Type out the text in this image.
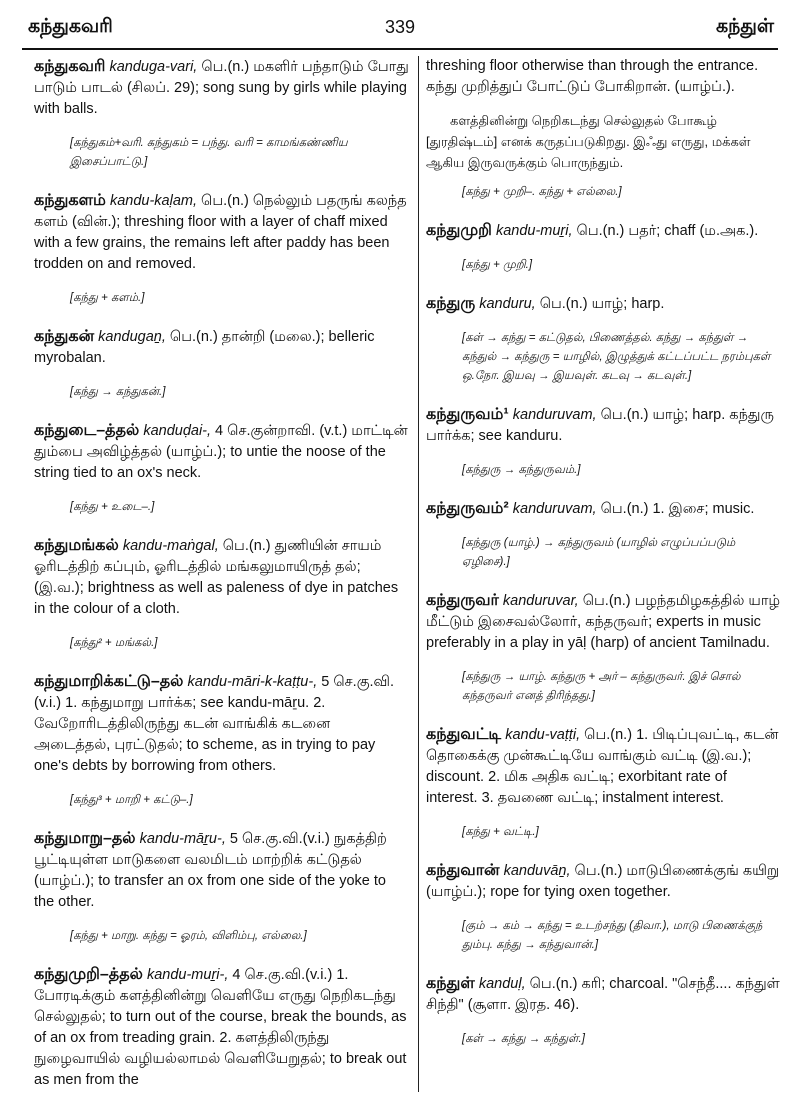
கந்துகவரி	339	கந்துள்
கந்துகவரி kanduga-vari, பெ.(n.) மகளிர் பந்தாடும் போது பாடும் பாடல் (சிலப். 29); song sung by girls while playing with balls.
[கந்துகம்+வரி. கந்துகம் = பந்து. வரி = காமங்கண்ணிய இசைப்பாட்டு.]
கந்துகளம் kandu-kaḷam, பெ.(n.) நெல்லும் பதருங் கலந்த களம் (வின்.); threshing floor with a layer of chaff mixed with a few grains, the remains left after paddy has been trodden on and removed.
[கந்து + களம்.]
கந்துகன் kandugaṉ, பெ.(n.) தான்றி (மலை.); belleric myrobalan.
[கந்து → கந்துகன்.]
கந்துடை–த்தல் kanduḍai-, 4 செ.குன்றாவி. (v.t.) மாட்டின் தும்பை அவிழ்த்தல் (யாழ்ப்.); to untie the noose of the string tied to an ox's neck.
[கந்து + உடை–.]
கந்துமங்கல் kandu-maṅgal, பெ.(n.) துணியின் சாயம் ஓரிடத்திற் கப்பும், ஓரிடத்தில் மங்கலுமாயிருத் தல்; (இ.வ.); brightness as well as paleness of dye in patches in the colour of a cloth.
[கந்து² + மங்கல்.]
கந்துமாறிக்கட்டு–தல் kandu-māri-k-kaṭṭu-, 5 செ.கு.வி.(v.i.) 1. கந்துமாறு பார்க்க; see kandu-māṟu. 2. வேறோரிடத்திலிருந்து கடன் வாங்கிக் கடனை அடைத்தல், புரட்டுதல்; to scheme, as in trying to pay one's debts by borrowing from others.
[கந்து³ + மாறி + கட்டு–.]
கந்துமாறு–தல் kandu-māṟu-, 5 செ.கு.வி.(v.i.) நுகத்திற் பூட்டியுள்ள மாடுகளை வலமிடம் மாற்றிக் கட்டுதல் (யாழ்ப்.); to transfer an ox from one side of the yoke to the other.
[கந்து + மாறு. கந்து = ஓரம், விளிம்பு, எல்லை.]
கந்துமுறி–த்தல் kandu-muṟi-, 4 செ.கு.வி.(v.i.) 1. போரடிக்கும் களத்தினின்று வெளியே எருது நெறிகடந்து செல்லுதல்; to turn out of the course, break the bounds, as of an ox from treading grain. 2. களத்திலிருந்து நுழைவாயில் வழியல்லாமல் வெளியேறுதல்; to break out as men from the
threshing floor otherwise than through the entrance. கந்து முறித்துப் போட்டுப் போகிறான். (யாழ்ப்.).
களத்தினின்று நெறிகடந்து செல்லுதல் போகூழ் [துரதிஷ்டம்] எனக் கருதப்படுகிறது. இஃது எருது, மக்கள் ஆகிய இருவருக்கும் பொருந்தும்.
[கந்து + முறி–. கந்து + எல்லை.]
கந்துமுறி kandu-muṟi, பெ.(n.) பதர்; chaff (ம.அக.).
[கந்து + முறி.]
கந்துரு kanduru, பெ.(n.) யாழ்; harp.
[கள் → கந்து = கட்டுதல், பிணைத்தல். கந்து → கந்துள் → கந்துல் → கந்துரு = யாழில், இழுத்துக் கட்டப்பட்ட நரம்புகள் ஒ.நோ. இயவு → இயவுள். கடவு → கடவுள்.]
கந்துருவம்¹ kanduruvam, பெ.(n.) யாழ்; harp. கந்துரு பார்க்க; see kanduru.
[கந்துரு → கந்துருவம்.]
கந்துருவம்² kanduruvam, பெ.(n.) 1. இசை; music.
[கந்துரு (யாழ்.) → கந்துருவம் (யாழில் எழுப்பப்படும் ஏழிசை).]
கந்துருவர் kanduruvar, பெ.(n.) பழந்தமிழகத்தில் யாழ் மீட்டும் இசைவல்லோர், கந்தருவர்; experts in music preferably in a play in yāḷ (harp) of ancient Tamilnadu.
[கந்துரு → யாழ். கந்துரு + அர் – கந்துருவர். இச் சொல் கந்தருவர் எனத் திரிந்தது.]
கந்துவட்டி kandu-vaṭṭi, பெ.(n.) 1. பிடிப்புவட்டி, கடன் தொகைக்கு முன்கூட்டியே வாங்கும் வட்டி (இ.வ.); discount. 2. மிக அதிக வட்டி; exorbitant rate of interest. 3. தவணை வட்டி; instalment interest.
[கந்து + வட்டி.]
கந்துவான் kanduvāṉ, பெ.(n.) மாடுபிணைக்குங் கயிறு (யாழ்ப்.); rope for tying oxen together.
[கும் → கம் → கந்து = உடற்சந்து (திவா.), மாடு பிணைக்குந் தும்பு. கந்து → கந்துவான்.]
கந்துள் kanduḷ, பெ.(n.) கரி; charcoal. "செந்தீ.... கந்துள் சிந்தி" (சூளா. இரத. 46).
[கள் → கந்து → கந்துள்.]
